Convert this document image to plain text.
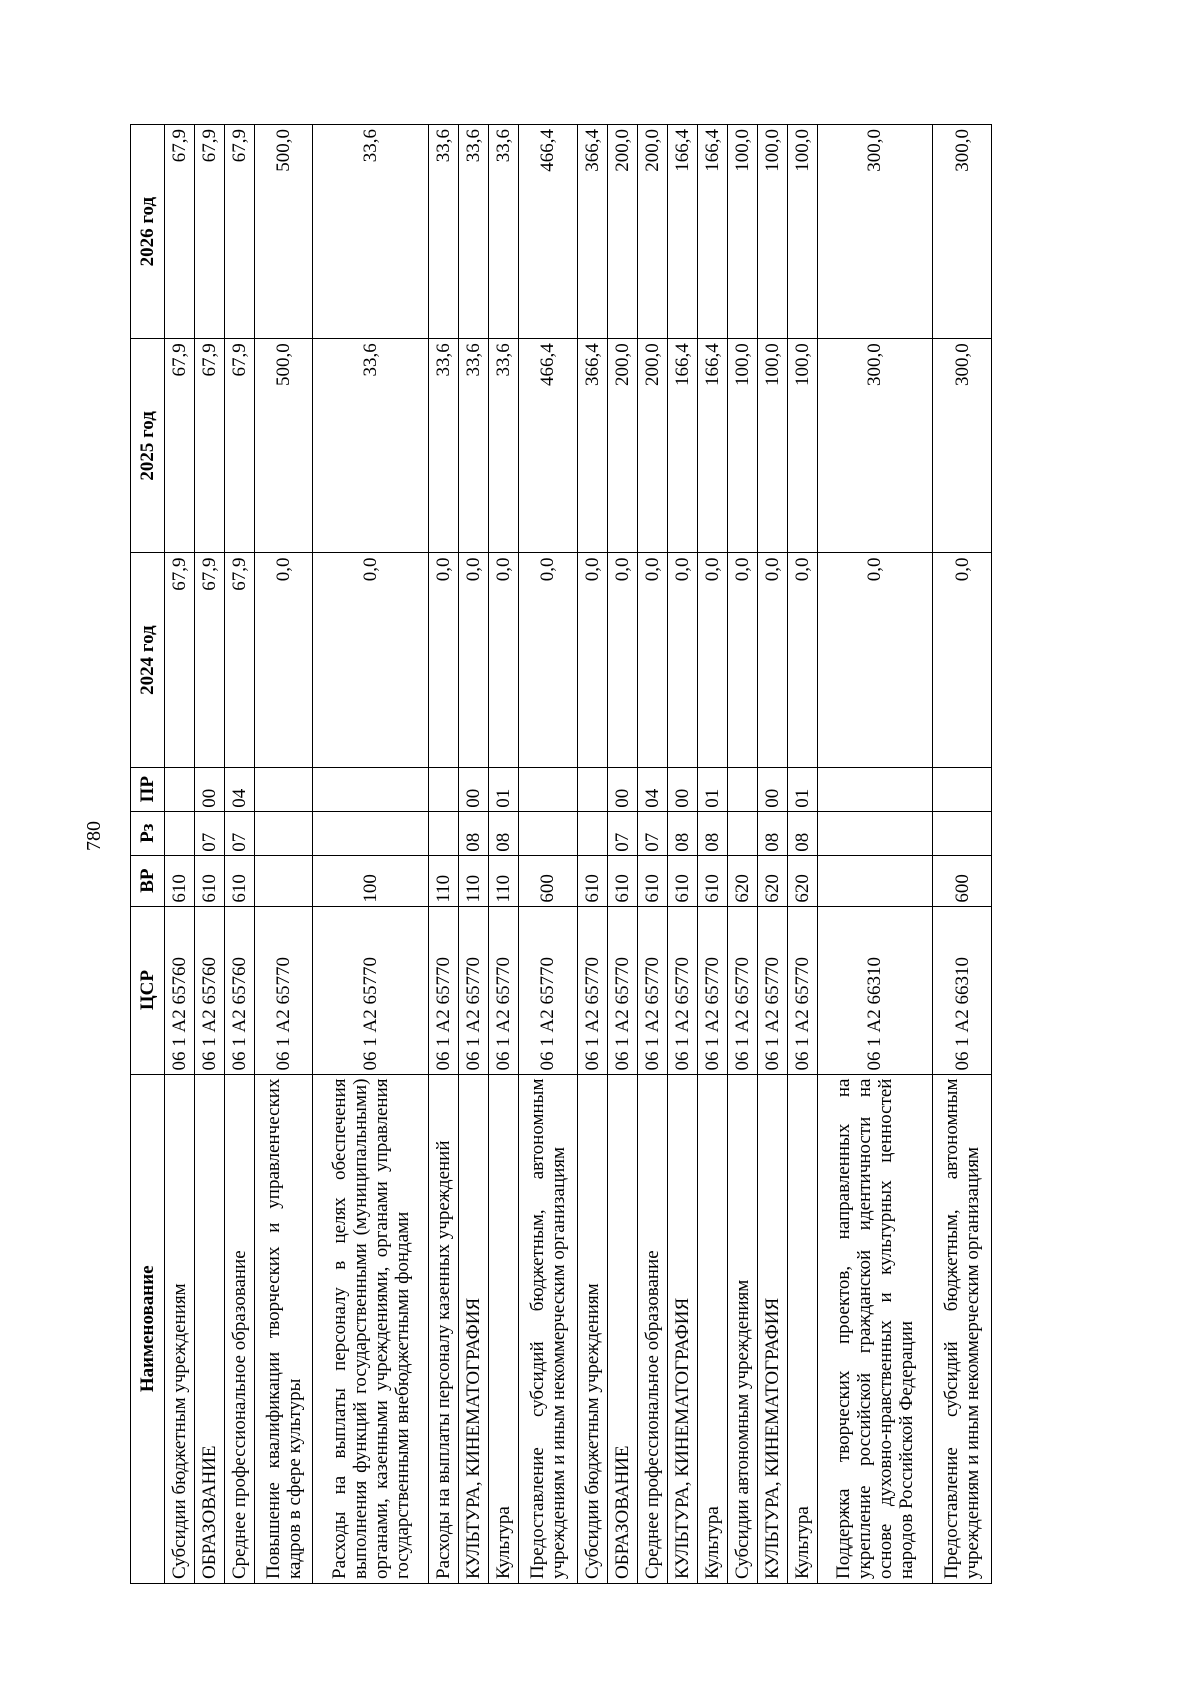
780
Наименование	ЦСР	ВР	Рз	ПР	2024 год	2025 год	2026 год
Субсидии бюджетным учреждениям	06 1 А2 65760	610			67,9	67,9	67,9
ОБРАЗОВАНИЕ	06 1 А2 65760	610	07	00	67,9	67,9	67,9
Среднее профессиональное образование	06 1 А2 65760	610	07	04	67,9	67,9	67,9
Повышение квалификации творческих и управленческих кадров в сфере культуры	06 1 А2 65770				0,0	500,0	500,0
Расходы на выплаты персоналу в целях обеспечения выполнения функций государственными (муниципальными) органами, казенными учреждениями, органами управления государственными внебюджетными фондами	06 1 А2 65770	100			0,0	33,6	33,6
Расходы на выплаты персоналу казенных учреждений	06 1 А2 65770	110			0,0	33,6	33,6
КУЛЬТУРА, КИНЕМАТОГРАФИЯ	06 1 А2 65770	110	08	00	0,0	33,6	33,6
Культура	06 1 А2 65770	110	08	01	0,0	33,6	33,6
Предоставление субсидий бюджетным, автономным учреждениям и иным некоммерческим организациям	06 1 А2 65770	600			0,0	466,4	466,4
Субсидии бюджетным учреждениям	06 1 А2 65770	610			0,0	366,4	366,4
ОБРАЗОВАНИЕ	06 1 А2 65770	610	07	00	0,0	200,0	200,0
Среднее профессиональное образование	06 1 А2 65770	610	07	04	0,0	200,0	200,0
КУЛЬТУРА, КИНЕМАТОГРАФИЯ	06 1 А2 65770	610	08	00	0,0	166,4	166,4
Культура	06 1 А2 65770	610	08	01	0,0	166,4	166,4
Субсидии автономным учреждениям	06 1 А2 65770	620			0,0	100,0	100,0
КУЛЬТУРА, КИНЕМАТОГРАФИЯ	06 1 А2 65770	620	08	00	0,0	100,0	100,0
Культура	06 1 А2 65770	620	08	01	0,0	100,0	100,0
Поддержка творческих проектов, направленных на укрепление российской гражданской идентичности на основе духовно-нравственных и культурных ценностей народов Российской Федерации	06 1 А2 66310				0,0	300,0	300,0
Предоставление субсидий бюджетным, автономным учреждениям и иным некоммерческим организациям	06 1 А2 66310	600			0,0	300,0	300,0
